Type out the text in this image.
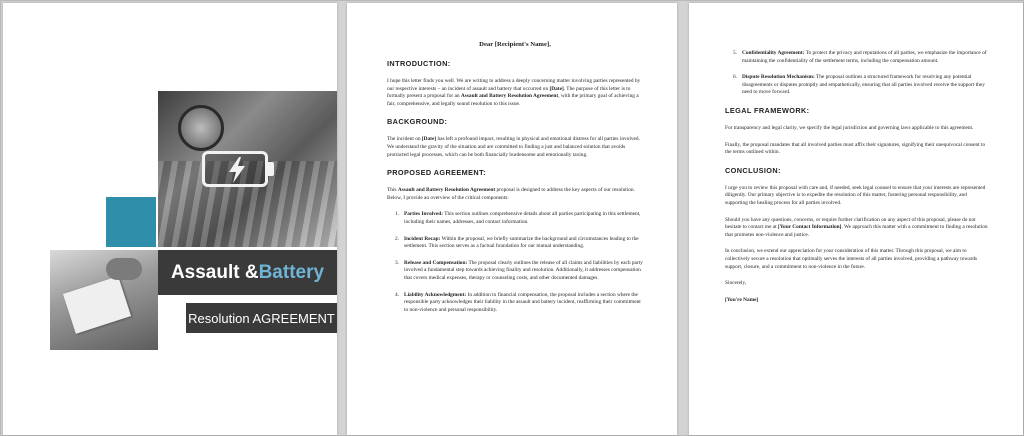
Assault & Battery
Resolution AGREEMENT
Dear [Recipient's Name],
INTRODUCTION:
I hope this letter finds you well. We are writing to address a deeply concerning matter involving parties represented by our respective interests – an incident of assault and battery that occurred on [Date]. The purpose of this letter is to formally present a proposal for an Assault and Battery Resolution Agreement, with the primary goal of achieving a fair, comprehensive, and legally sound resolution to this issue.
BACKGROUND:
The incident on [Date] has left a profound impact, resulting in physical and emotional distress for all parties involved. We understand the gravity of the situation and are committed to finding a just and balanced solution that avoids protracted legal processes, which can be both financially burdensome and emotionally taxing.
PROPOSED AGREEMENT:
This Assault and Battery Resolution Agreement proposal is designed to address the key aspects of our resolution. Below, I provide an overview of the critical components:
1. Parties Involved: This section outlines comprehensive details about all parties participating in this settlement, including their names, addresses, and contact information.
2. Incident Recap: Within the proposal, we briefly summarize the background and circumstances leading to the settlement. This section serves as a factual foundation for our mutual understanding.
3. Release and Compensation: The proposal clearly outlines the release of all claims and liabilities by each party involved a fundamental step towards achieving finality and resolution. Additionally, it addresses compensation that covers medical expenses, therapy or counseling costs, and other documented damages.
4. Liability Acknowledgment: In addition to financial compensation, the proposal includes a section where the responsible party acknowledges their liability in the assault and battery incident, reaffirming their commitment to non-violence and personal responsibility.
5. Confidentiality Agreement: To protect the privacy and reputations of all parties, we emphasize the importance of maintaining the confidentiality of the settlement terms, including the compensation amount.
6. Dispute Resolution Mechanism: The proposal outlines a structured framework for resolving any potential disagreements or disputes promptly and empathetically, ensuring that all parties involved receive the support they need to move forward.
LEGAL FRAMEWORK:
For transparency and legal clarity, we specify the legal jurisdiction and governing laws applicable to this agreement.
Finally, the proposal mandates that all involved parties must affix their signatures, signifying their unequivocal consent to the terms outlined within.
CONCLUSION:
I urge you to review this proposal with care and, if needed, seek legal counsel to ensure that your interests are represented diligently. Our primary objective is to expedite the resolution of this matter, fostering personal responsibility, and supporting the healing process for all parties involved.
Should you have any questions, concerns, or require further clarification on any aspect of this proposal, please do not hesitate to contact me at [Your Contact Information]. We approach this matter with a commitment to finding a resolution that promotes non-violence and justice.
In conclusion, we extend our appreciation for your consideration of this matter. Through this proposal, we aim to collectively secure a resolution that optimally serves the interests of all parties involved, providing a pathway towards support, closure, and a commitment to non-violence in the future.
Sincerely,
[You're Name]
